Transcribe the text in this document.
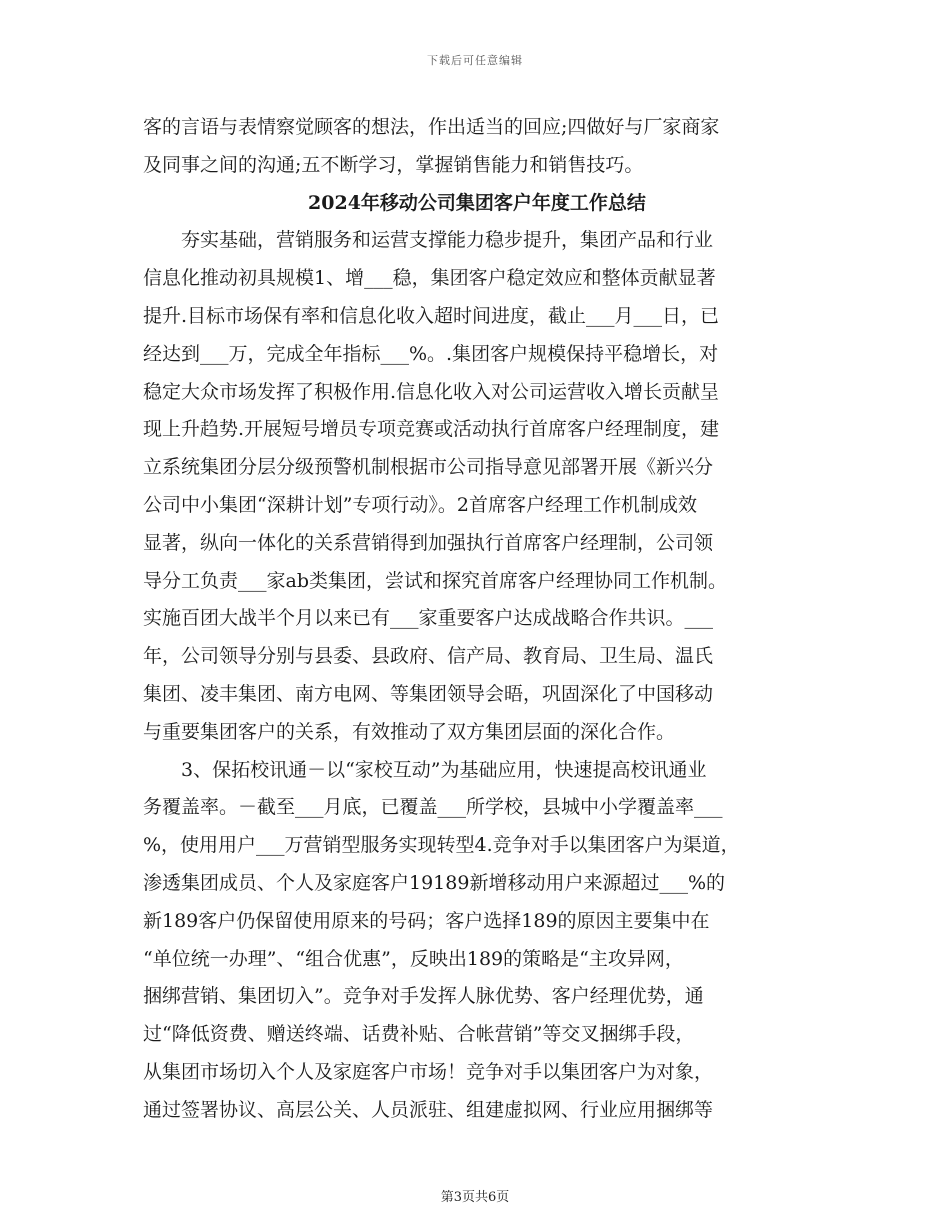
下载后可任意编辑
客的言语与表情察觉顾客的想法，作出适当的回应;四做好与厂家商家
及同事之间的沟通;五不断学习，掌握销售能力和销售技巧。
2024年移动公司集团客户年度工作总结
　　夯实基础，营销服务和运营支撑能力稳步提升，集团产品和行业
信息化推动初具规模1、增___稳，集团客户稳定效应和整体贡献显著
提升.目标市场保有率和信息化收入超时间进度，截止___月___日，已
经达到___万，完成全年指标___%。.集团客户规模保持平稳增长，对
稳定大众市场发挥了积极作用.信息化收入对公司运营收入增长贡献呈
现上升趋势.开展短号增员专项竞赛或活动执行首席客户经理制度，建
立系统集团分层分级预警机制根据市公司指导意见部署开展《新兴分
公司中小集团“深耕计划”专项行动》。2首席客户经理工作机制成效
显著，纵向一体化的关系营销得到加强执行首席客户经理制，公司领
导分工负责___家ab类集团，尝试和探究首席客户经理协同工作机制。
实施百团大战半个月以来已有___家重要客户达成战略合作共识。___
年，公司领导分别与县委、县政府、信产局、教育局、卫生局、温氏
集团、凌丰集团、南方电网、等集团领导会晤，巩固深化了中国移动
与重要集团客户的关系，有效推动了双方集团层面的深化合作。
　　3、保拓校讯通－以“家校互动”为基础应用，快速提高校讯通业
务覆盖率。－截至___月底，已覆盖___所学校，县城中小学覆盖率___
%，使用用户___万营销型服务实现转型4.竞争对手以集团客户为渠道，
渗透集团成员、个人及家庭客户19189新增移动用户来源超过___%的
新189客户仍保留使用原来的号码；客户选择189的原因主要集中在
“单位统一办理”、“组合优惠”，反映出189的策略是“主攻异网，
捆绑营销、集团切入”。竞争对手发挥人脉优势、客户经理优势，通
过“降低资费、赠送终端、话费补贴、合帐营销”等交叉捆绑手段，
从集团市场切入个人及家庭客户市场！竞争对手以集团客户为对象，
通过签署协议、高层公关、人员派驻、组建虚拟网、行业应用捆绑等
第3页共6页
